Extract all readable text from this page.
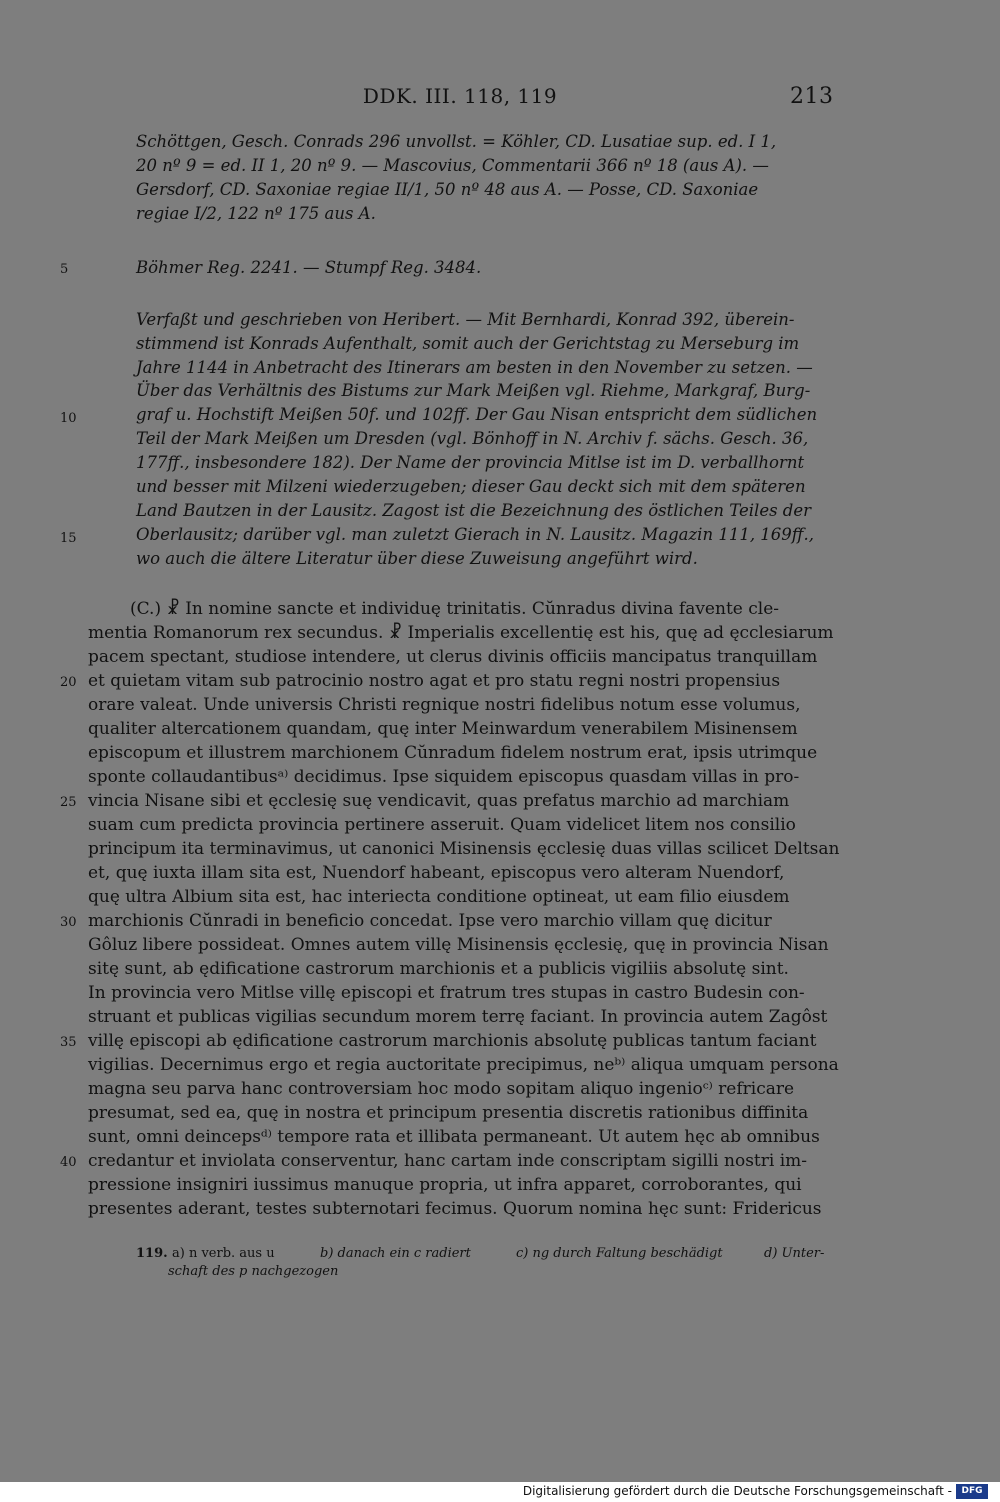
DDK. III. 118, 119	213
Schöttgen, Gesch. Conrads 296 unvollst. = Köhler, CD. Lusatiae sup. ed. I 1,
20 nº 9 = ed. II 1, 20 nº 9. — Mascovius, Commentarii 366 nº 18 (aus A). —
Gersdorf, CD. Saxoniae regiae II/1, 50 nº 48 aus A. — Posse, CD. Saxoniae
regiae I/2, 122 nº 175 aus A.
5	Böhmer Reg. 2241. — Stumpf Reg. 3484.
Verfaßt und geschrieben von Heribert. — Mit Bernhardi, Konrad 392, überein-
stimmend ist Konrads Aufenthalt, somit auch der Gerichtstag zu Merseburg im
Jahre 1144 in Anbetracht des Itinerars am besten in den November zu setzen. —
Über das Verhältnis des Bistums zur Mark Meißen vgl. Riehme, Markgraf, Burg-
graf u. Hochstift Meißen 50f. und 102ff. Der Gau Nisan entspricht dem südlichen
Teil der Mark Meißen um Dresden (vgl. Bönhoff in N. Archiv f. sächs. Gesch. 36,
177ff., insbesondere 182). Der Name der provincia Mitlse ist im D. verballhornt
und besser mit Milzeni wiederzugeben; dieser Gau deckt sich mit dem späteren
Land Bautzen in der Lausitz. Zagost ist die Bezeichnung des östlichen Teiles der
Oberlausitz; darüber vgl. man zuletzt Gierach in N. Lausitz. Magazin 111, 169ff.,
wo auch die ältere Literatur über diese Zuweisung angeführt wird.
10
15
(C.) ☧ In nomine sancte et individuę trinitatis. Cŭnradus divina favente cle-
mentia Romanorum rex secundus. ☧ Imperialis excellentię est his, quę ad ęcclesiarum
pacem spectant, studiose intendere, ut clerus divinis officiis mancipatus tranquillam
et quietam vitam sub patrocinio nostro agat et pro statu regni nostri propensius
orare valeat. Unde universis Christi regnique nostri fidelibus notum esse volumus,
qualiter altercationem quandam, quę inter Meinwardum venerabilem Misinensem
episcopum et illustrem marchionem Cŭnradum fidelem nostrum erat, ipsis utrimque
sponte collaudantibusᵃ⁾ decidimus. Ipse siquidem episcopus quasdam villas in pro-
vincia Nisane sibi et ęcclesię suę vendicavit, quas prefatus marchio ad marchiam
suam cum predicta provincia pertinere asseruit. Quam videlicet litem nos consilio
principum ita terminavimus, ut canonici Misinensis ęcclesię duas villas scilicet Deltsan
et, quę iuxta illam sita est, Nuendorf habeant, episcopus vero alteram Nuendorf,
quę ultra Albium sita est, hac interiecta conditione optineat, ut eam filio eiusdem
marchionis Cŭnradi in beneficio concedat. Ipse vero marchio villam quę dicitur
Gôluz libere possideat. Omnes autem villę Misinensis ęcclesię, quę in provincia Nisan
sitę sunt, ab ędificatione castrorum marchionis et a publicis vigiliis absolutę sint.
In provincia vero Mitlse villę episcopi et fratrum tres stupas in castro Budesin con-
struant et publicas vigilias secundum morem terrę faciant. In provincia autem Zagôst
villę episcopi ab ędificatione castrorum marchionis absolutę publicas tantum faciant
vigilias. Decernimus ergo et regia auctoritate precipimus, neᵇ⁾ aliqua umquam persona
magna seu parva hanc controversiam hoc modo sopitam aliquo ingenioᶜ⁾ refricare
presumat, sed ea, quę in nostra et principum presentia discretis rationibus diffinita
sunt, omni deincepsᵈ⁾ tempore rata et illibata permaneant. Ut autem hęc ab omnibus
credantur et inviolata conserventur, hanc cartam inde conscriptam sigilli nostri im-
pressione insigniri iussimus manuque propria, ut infra apparet, corroborantes, qui
presentes aderant, testes subternotari fecimus. Quorum nomina hęc sunt: Fridericus
20
25
30
35
40
119. a) n verb. aus u	b) danach ein c radiert	c) ng durch Faltung beschädigt	d) Unter-
schaft des p nachgezogen
Digitalisierung gefördert durch die Deutsche Forschungsgemeinschaft -	DFG
